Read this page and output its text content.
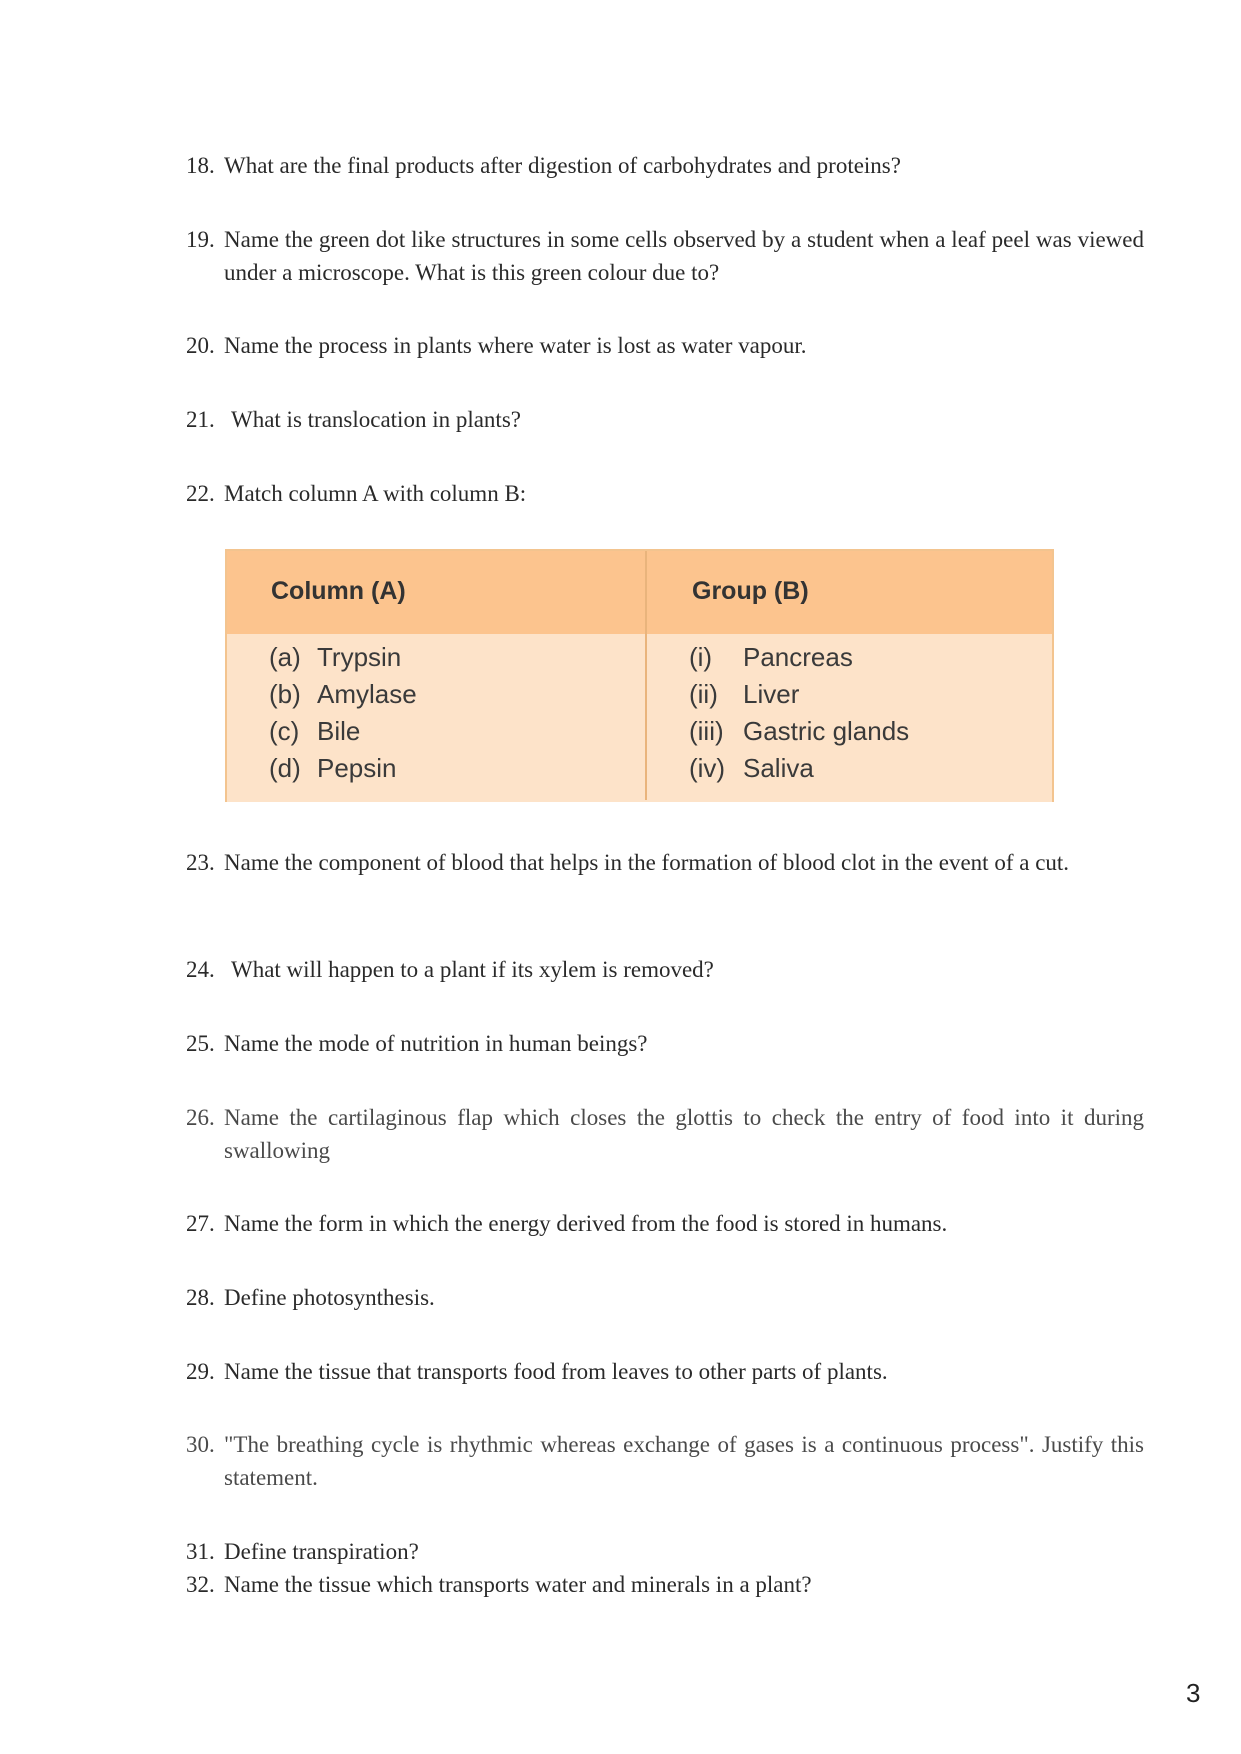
18. What are the final products after digestion of carbohydrates and proteins?
19. Name the green dot like structures in some cells observed by a student when a leaf peel was viewed under a microscope. What is this green colour due to?
20. Name the process in plants where water is lost as water vapour.
21. What is translocation in plants?
22. Match column A with column B:
Column (A)	Group (B)
(a) Trypsin
(b) Amylase
(c) Bile
(d) Pepsin
(i) Pancreas
(ii) Liver
(iii) Gastric glands
(iv) Saliva
23. Name the component of blood that helps in the formation of blood clot in the event of a cut.
24. What will happen to a plant if its xylem is removed?
25. Name the mode of nutrition in human beings?
26. Name the cartilaginous flap which closes the glottis to check the entry of food into it during swallowing
27. Name the form in which the energy derived from the food is stored in humans.
28. Define photosynthesis.
29. Name the tissue that transports food from leaves to other parts of plants.
30. "The breathing cycle is rhythmic whereas exchange of gases is a continuous process". Justify this statement.
31. Define transpiration?
32. Name the tissue which transports water and minerals in a plant?
3
